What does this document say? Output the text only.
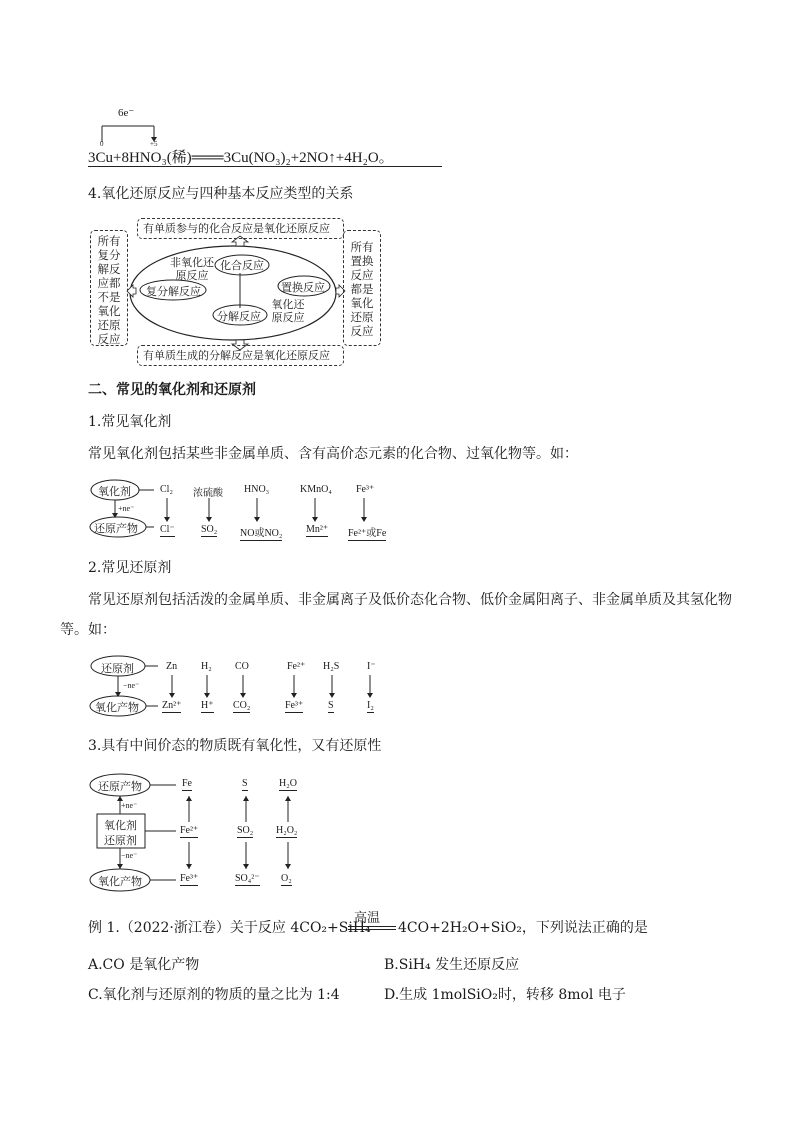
6e⁻
0	+5
3Cu+8HNO₃(稀)═══3Cu(NO₃)₂+2NO↑+4H₂O。
4.氧化还原反应与四种基本反应类型的关系
有单质参与的化合反应是氧化还原反应
有单质生成的分解反应是氧化还原反应
所有复分解反应都不是氧化还原反应
所有置换反应都是氧化还原反应
非氧化还原反应
化合反应
复分解反应	置换反应
分解反应
氧化还原反应
二、常见的氧化剂和还原剂
1.常见氧化剂
常见氧化剂包括某些非金属单质、含有高价态元素的化合物、过氧化物等。如：
氧化剂
还原产物
+ne⁻
Cl₂ 浓硫酸 HNO₃	KMnO₄ Fe³⁺
Cl⁻	SO₂ NO或NO₂ Mn²⁺ Fe²⁺或Fe
2.常见还原剂
常见还原剂包括活泼的金属单质、非金属离子及低价态化合物、低价金属阳离子、非金属单质及其氢化物
等。如：
还原剂
氧化产物
−ne⁻
Zn H₂ CO	Fe²⁺ H₂S	I⁻
Zn²⁺ H⁺ CO₂	Fe³⁺ S	I₂
3.具有中间价态的物质既有氧化性，又有还原性
还原产物
+ne⁻
氧化剂
还原剂
−ne⁻
氧化产物
Fe
Fe²⁺
Fe³⁺
S
SO₂
SO₄²⁻
H₂O
H₂O₂
O₂
例 1.（2022·浙江卷）关于反应 4CO₂+SiH₄
高温
4CO+2H₂O+SiO₂，下列说法正确的是
A.CO 是氧化产物	B.SiH₄ 发生还原反应
C.氧化剂与还原剂的物质的量之比为 1:4	D.生成 1molSiO₂时，转移 8mol 电子
